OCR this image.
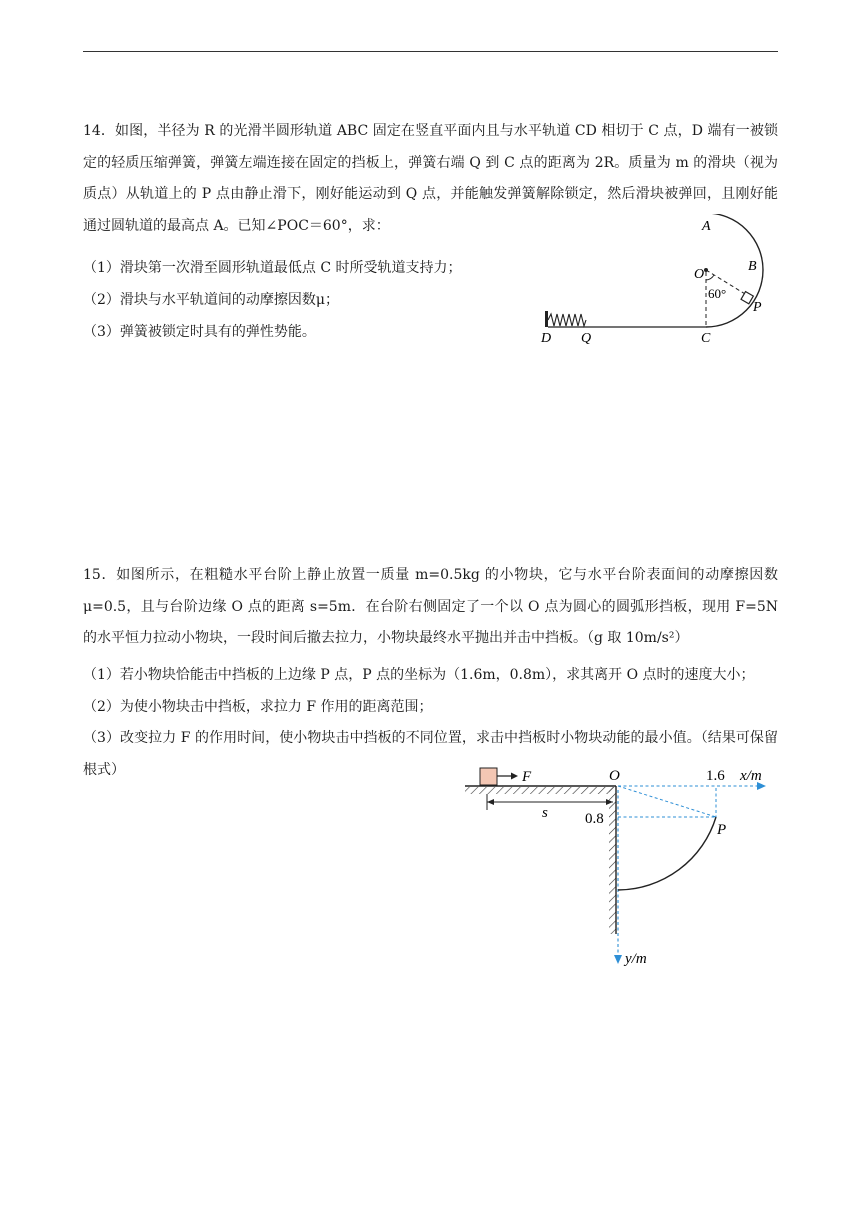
14．如图，半径为 R 的光滑半圆形轨道 ABC 固定在竖直平面内且与水平轨道 CD 相切于 C 点，D 端有一被锁定的轻质压缩弹簧，弹簧左端连接在固定的挡板上，弹簧右端 Q 到 C 点的距离为 2R。质量为 m 的滑块（视为质点）从轨道上的 P 点由静止滑下，刚好能运动到 Q 点，并能触发弹簧解除锁定，然后滑块被弹回，且刚好能通过圆轨道的最高点 A。已知∠POC＝60°，求：

（1）滑块第一次滑至圆形轨道最低点 C 时所受轨道支持力；

（2）滑块与水平轨道间的动摩擦因数μ；

（3）弹簧被锁定时具有的弹性势能。

A
B
O
P
60°
C
D Q

15．如图所示，在粗糙水平台阶上静止放置一质量 m=0.5kg 的小物块，它与水平台阶表面间的动摩擦因数 μ=0.5，且与台阶边缘 O 点的距离 s=5m．在台阶右侧固定了一个以 O 点为圆心的圆弧形挡板，现用 F=5N 的水平恒力拉动小物块，一段时间后撤去拉力，小物块最终水平抛出并击中挡板。（g 取 10m/s²）

（1）若小物块恰能击中挡板的上边缘 P 点，P 点的坐标为（1.6m，0.8m），求其离开 O 点时的速度大小；

（2）为使小物块击中挡板，求拉力 F 作用的距离范围；

（3）改变拉力 F 的作用时间，使小物块击中挡板的不同位置，求击中挡板时小物块动能的最小值。（结果可保留根式）	F
s
O	1.6 x/m
y/m
0.8
P
